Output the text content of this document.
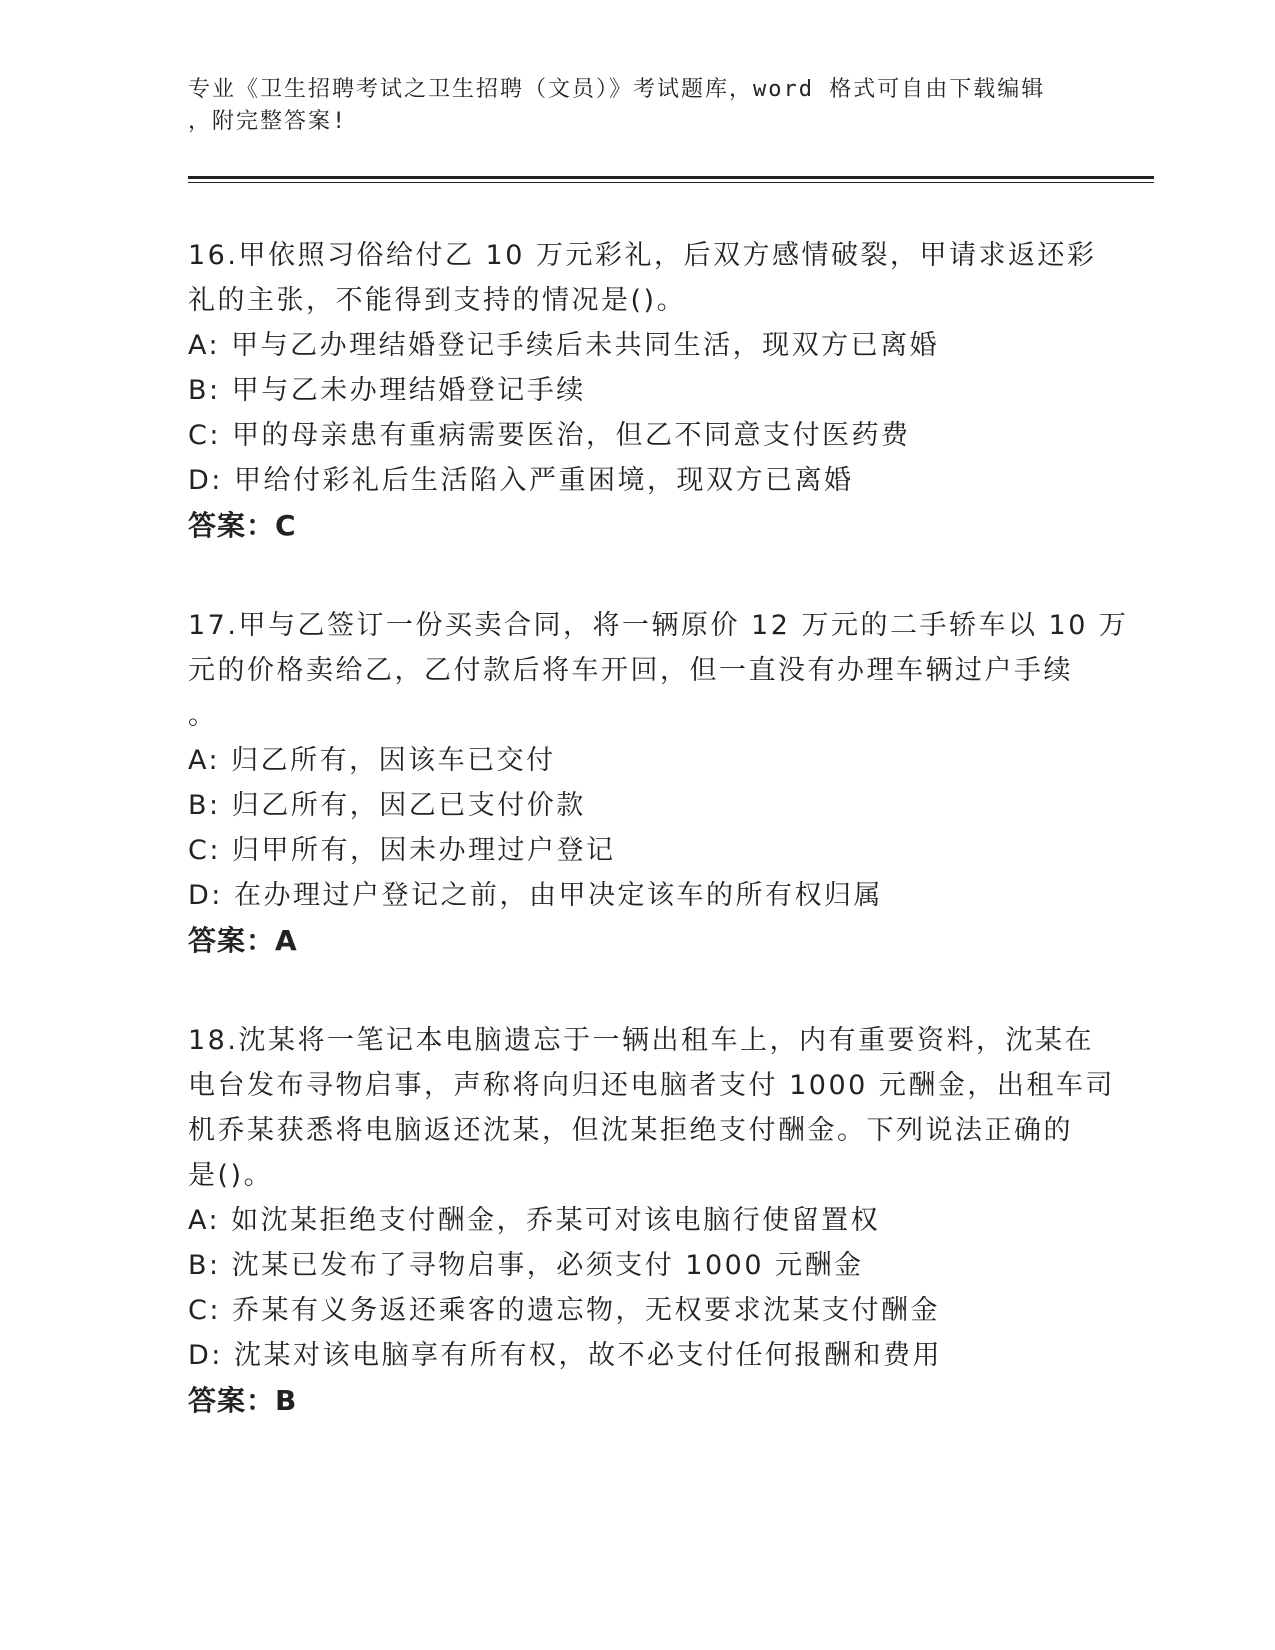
专业《卫生招聘考试之卫生招聘（文员）》考试题库，word 格式可自由下载编辑
，附完整答案!
16.甲依照习俗给付乙 10 万元彩礼，后双方感情破裂，甲请求返还彩
礼的主张，不能得到支持的情况是()。
A: 甲与乙办理结婚登记手续后未共同生活，现双方已离婚
B: 甲与乙未办理结婚登记手续
C: 甲的母亲患有重病需要医治，但乙不同意支付医药费
D: 甲给付彩礼后生活陷入严重困境，现双方已离婚
答案：C
17.甲与乙签订一份买卖合同，将一辆原价 12 万元的二手轿车以 10 万
元的价格卖给乙，乙付款后将车开回，但一直没有办理车辆过户手续
。
A: 归乙所有，因该车已交付
B: 归乙所有，因乙已支付价款
C: 归甲所有，因未办理过户登记
D: 在办理过户登记之前，由甲决定该车的所有权归属
答案：A
18.沈某将一笔记本电脑遗忘于一辆出租车上，内有重要资料，沈某在
电台发布寻物启事，声称将向归还电脑者支付 1000 元酬金，出租车司
机乔某获悉将电脑返还沈某，但沈某拒绝支付酬金。下列说法正确的
是()。
A: 如沈某拒绝支付酬金，乔某可对该电脑行使留置权
B: 沈某已发布了寻物启事，必须支付 1000 元酬金
C: 乔某有义务返还乘客的遗忘物，无权要求沈某支付酬金
D: 沈某对该电脑享有所有权，故不必支付任何报酬和费用
答案：B
